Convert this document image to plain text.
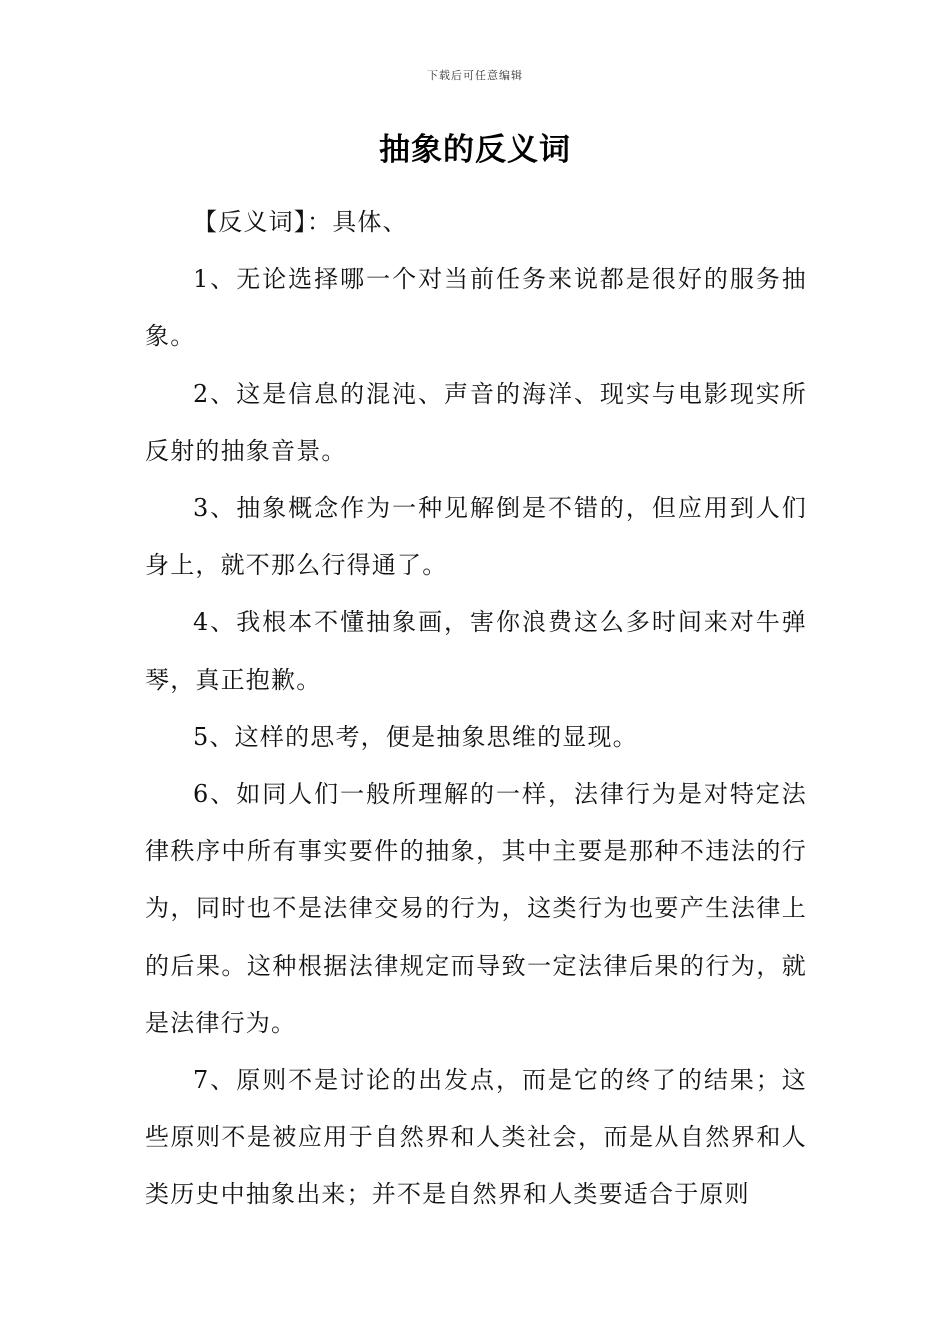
下载后可任意编辑
抽象的反义词

【反义词】：具体、

1、无论选择哪一个对当前任务来说都是很好的服务抽象。

2、这是信息的混沌、声音的海洋、现实与电影现实所反射的抽象音景。

3、抽象概念作为一种见解倒是不错的，但应用到人们身上，就不那么行得通了。

4、我根本不懂抽象画，害你浪费这么多时间来对牛弹琴，真正抱歉。

5、这样的思考，便是抽象思维的显现。

6、如同人们一般所理解的一样，法律行为是对特定法律秩序中所有事实要件的抽象，其中主要是那种不违法的行为，同时也不是法律交易的行为，这类行为也要产生法律上的后果。这种根据法律规定而导致一定法律后果的行为，就是法律行为。

7、原则不是讨论的出发点，而是它的终了的结果；这些原则不是被应用于自然界和人类社会，而是从自然界和人类历史中抽象出来；并不是自然界和人类要适合于原则
